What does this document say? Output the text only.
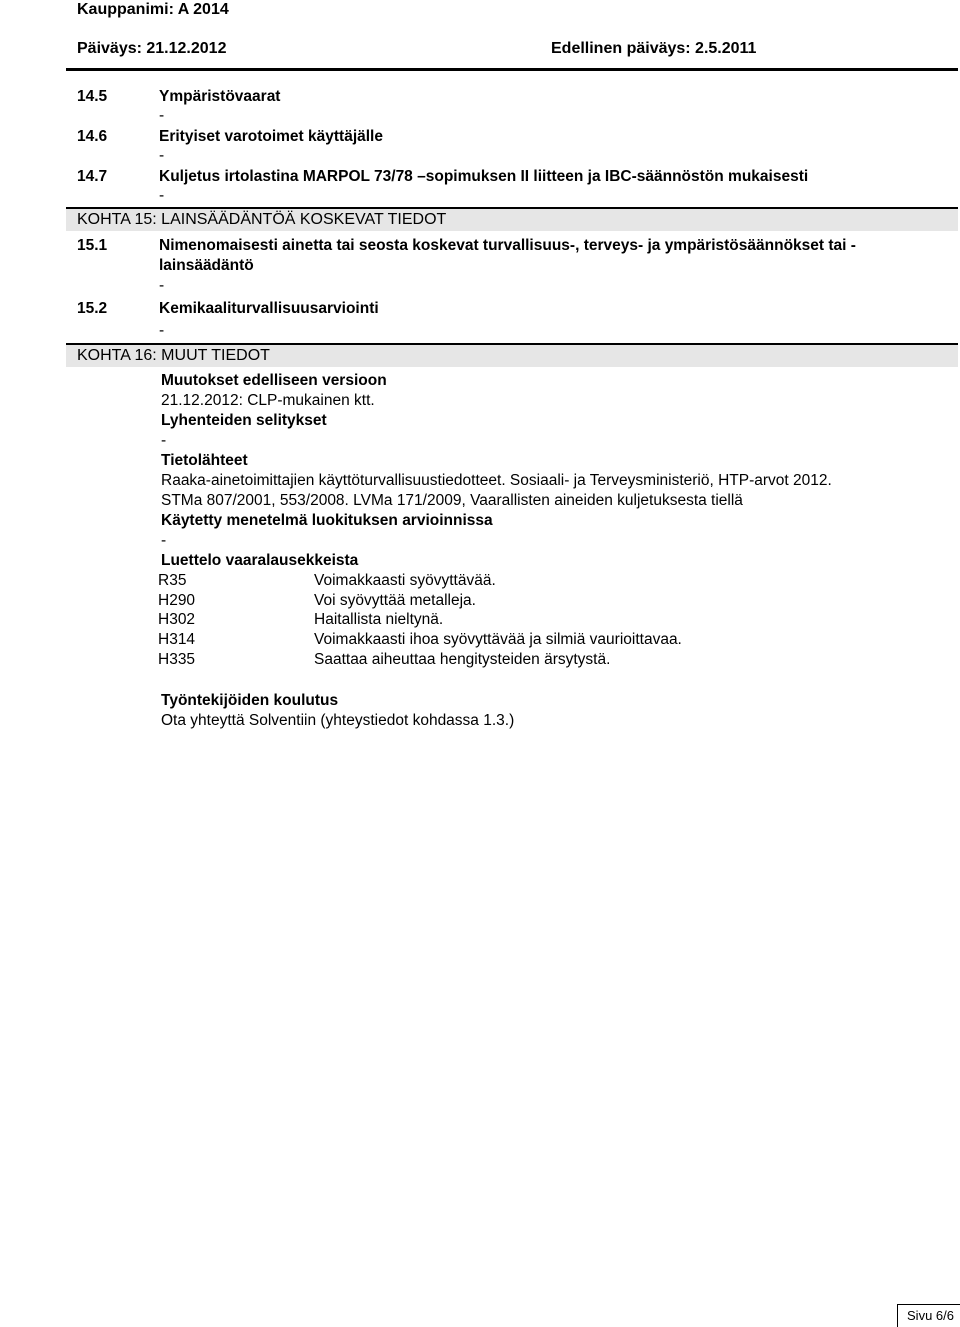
Kauppanimi: A 2014
Päiväys: 21.12.2012	Edellinen päiväys: 2.5.2011
14.5	Ympäristövaarat
-
14.6	Erityiset varotoimet käyttäjälle
-
14.7	Kuljetus irtolastina MARPOL 73/78 –sopimuksen II liitteen ja IBC-säännöstön mukaisesti
-
KOHTA 15: LAINSÄÄDÄNTÖÄ KOSKEVAT TIEDOT
15.1	Nimenomaisesti ainetta tai seosta koskevat turvallisuus-, terveys- ja ympäristösäännökset tai -
lainsäädäntö
-
15.2	Kemikaaliturvallisuusarviointi
-
KOHTA 16: MUUT TIEDOT
Muutokset edelliseen versioon
21.12.2012: CLP-mukainen ktt.
Lyhenteiden selitykset
-
Tietolähteet
Raaka-ainetoimittajien käyttöturvallisuustiedotteet. Sosiaali- ja Terveysministeriö, HTP-arvot 2012.
STMa 807/2001, 553/2008. LVMa 171/2009, Vaarallisten aineiden kuljetuksesta tiellä
Käytetty menetelmä luokituksen arvioinnissa
-
Luettelo vaaralausekkeista
R35	Voimakkaasti syövyttävää.
H290	Voi syövyttää metalleja.
H302	Haitallista nieltynä.
H314	Voimakkaasti ihoa syövyttävää ja silmiä vaurioittavaa.
H335	Saattaa aiheuttaa hengitysteiden ärsytystä.
Työntekijöiden koulutus
Ota yhteyttä Solventiin (yhteystiedot kohdassa 1.3.)
Sivu 6/6
